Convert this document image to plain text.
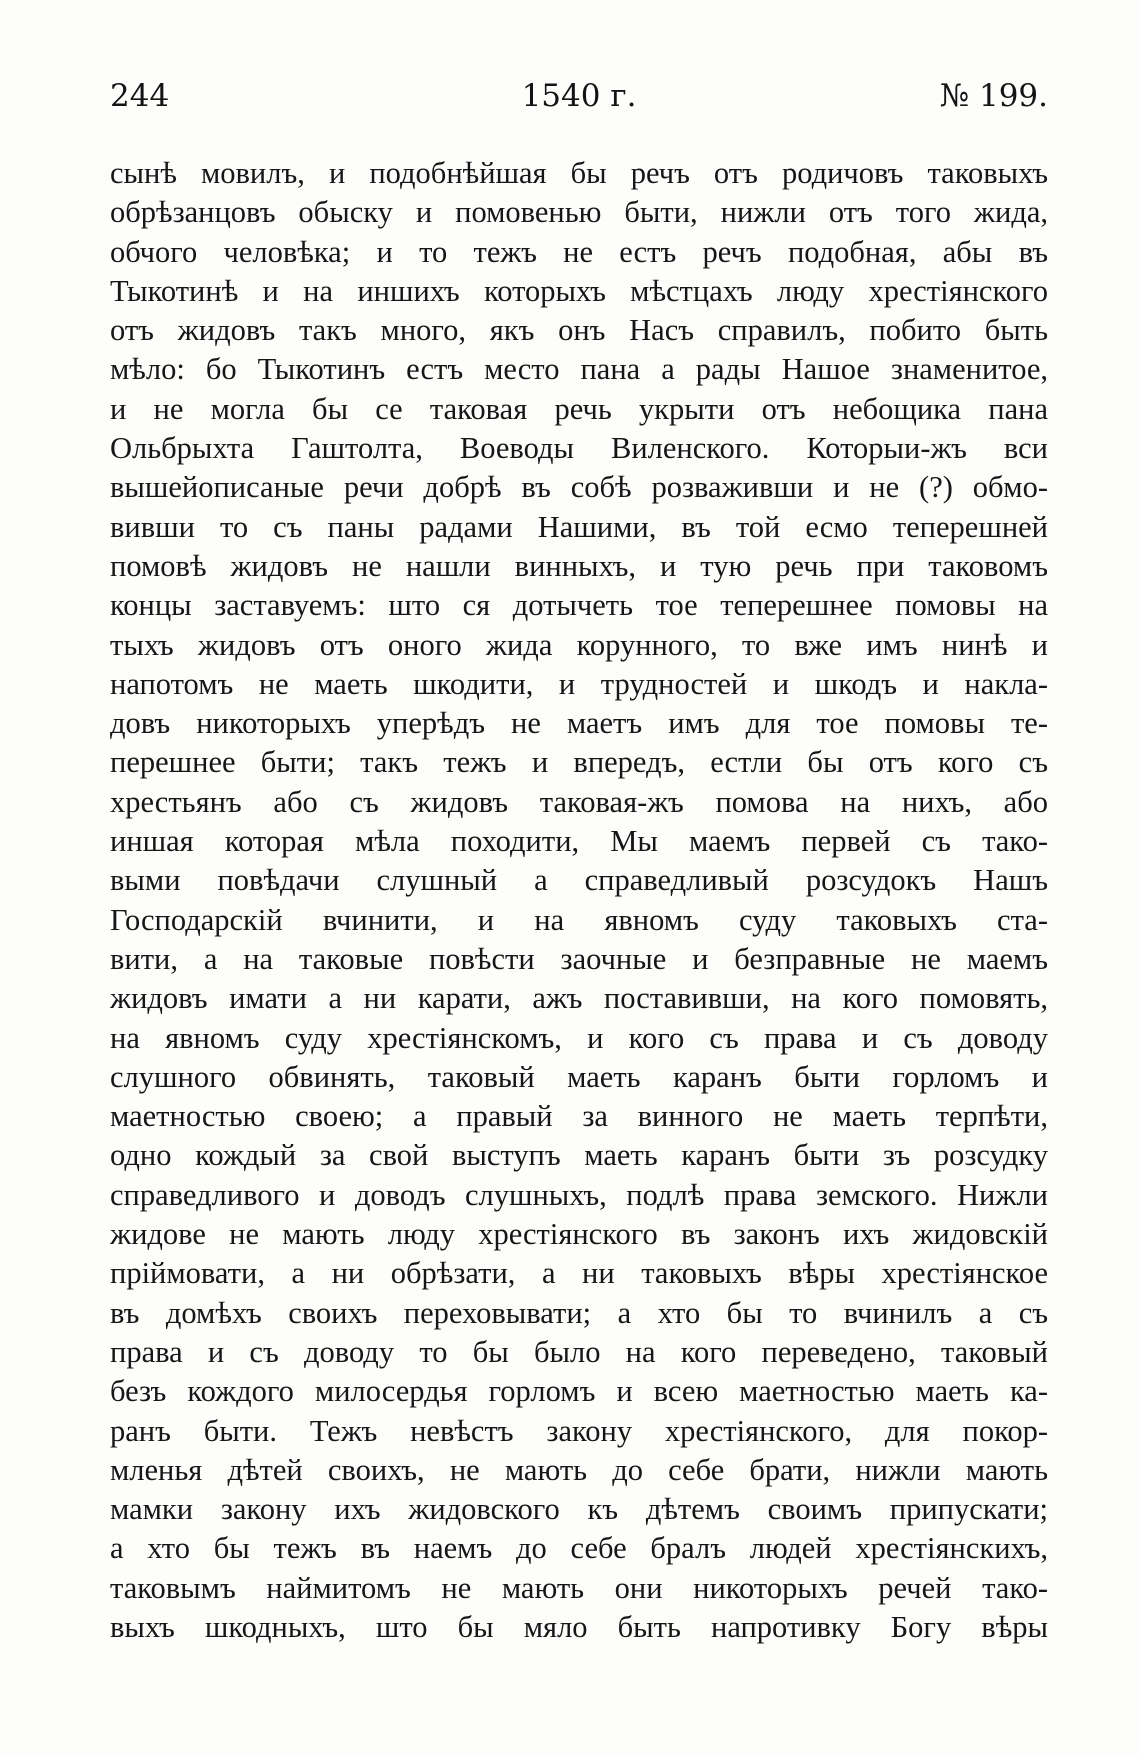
1540 г.
244	№ 199.
сынѣ мовилъ, и подобнѣйшая бы речъ отъ родичовъ таковыхъ
обрѣзанцовъ обыску и помовенью быти, нижли отъ того жида,
обчого человѣка; и то тежъ не естъ речъ подобная, абы въ
Тыкотинѣ и на иншихъ которыхъ мѣстцахъ люду хрестіянского
отъ жидовъ такъ много, якъ онъ Насъ справилъ, побито быть
мѣло: бо Тыкотинъ естъ место пана а рады Нашое знаменитое,
и не могла бы се таковая речь укрыти отъ небощика пана
Ольбрыхта Гаштолта, Воеводы Виленского. Которыи-жъ вси
вышейописаные речи добрѣ въ собѣ розваживши и не (?) обмо-
вивши то съ паны радами Нашими, въ той есмо теперешней
помовѣ жидовъ не нашли винныхъ, и тую речь при таковомъ
концы заставуемъ: што ся дотычеть тое теперешнее помовы на
тыхъ жидовъ отъ оного жида корунного, то вже имъ нинѣ и
напотомъ не маеть шкодити, и трудностей и шкодъ и накла-
довъ никоторыхъ уперѣдъ не маетъ имъ для тое помовы те-
перешнее быти; такъ тежъ и впередъ, естли бы отъ кого съ
хрестьянъ або съ жидовъ таковая-жъ помова на нихъ, або
иншая которая мѣла походити, Мы маемъ первей съ тако-
выми повѣдачи слушный а справедливый розсудокъ Нашъ
Господарскій вчинити, и на явномъ суду таковыхъ ста-
вити, а на таковые повѣсти заочные и безправные не маемъ
жидовъ имати а ни карати, ажъ поставивши, на кого помовять,
на явномъ суду хрестіянскомъ, и кого съ права и съ доводу
слушного обвинять, таковый маеть каранъ быти горломъ и
маетностью своею; а правый за винного не маеть терпѣти,
одно кождый за свой выступъ маеть каранъ быти зъ розсудку
справедливого и доводъ слушныхъ, подлѣ права земского. Нижли
жидове не мають люду хрестіянского въ законъ ихъ жидовскій
пріймовати, а ни обрѣзати, а ни таковыхъ вѣры хрестіянское
въ домѣхъ своихъ переховывати; а хто бы то вчинилъ а съ
права и съ доводу то бы было на кого переведено, таковый
безъ кождого милосердья горломъ и всею маетностью маеть ка-
ранъ быти. Тежъ невѣстъ закону хрестіянского, для покор-
мленья дѣтей своихъ, не мають до себе брати, нижли мають
мамки закону ихъ жидовского къ дѣтемъ своимъ припускати;
а хто бы тежъ въ наемъ до себе бралъ людей хрестіянскихъ,
таковымъ наймитомъ не мають они никоторыхъ речей тако-
выхъ шкодныхъ, што бы мяло быть напротивку Богу вѣры
